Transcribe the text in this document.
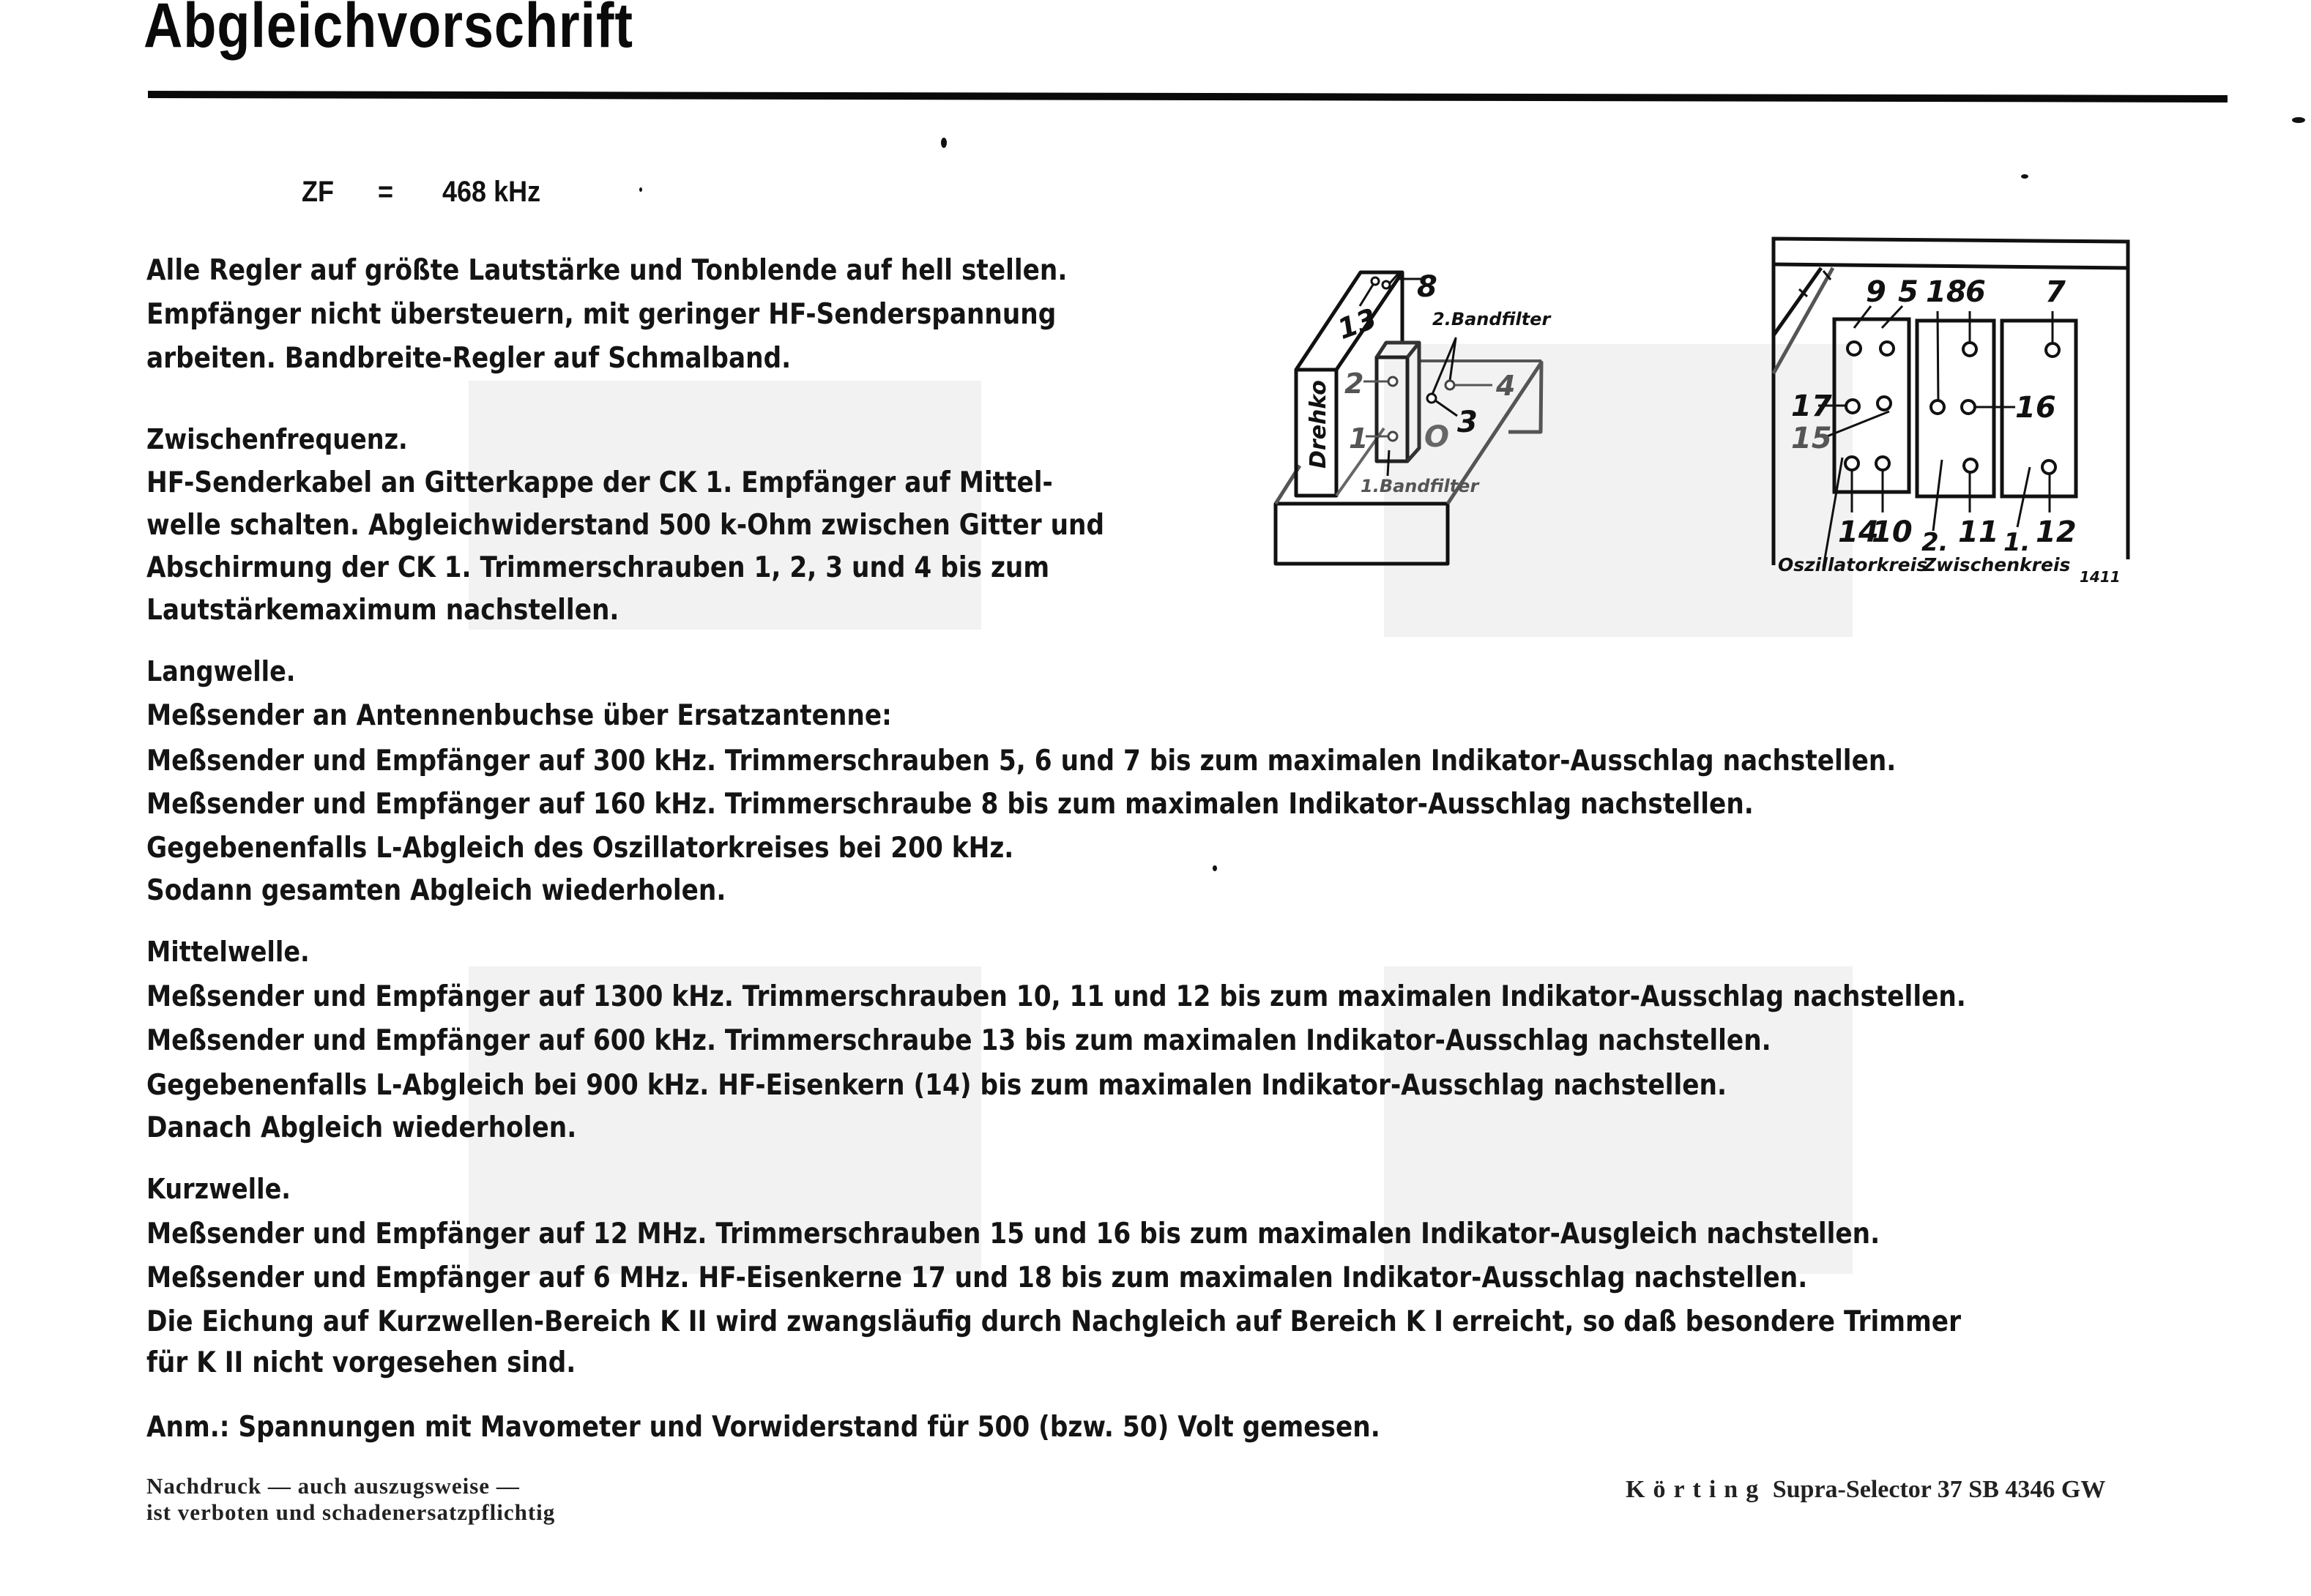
Abgleichvorschrift
ZF = 468 kHz
Alle Regler auf größte Lautstärke und Tonblende auf hell stellen.
Empfänger nicht übersteuern, mit geringer HF-Senderspannung
arbeiten. Bandbreite-Regler auf Schmalband.
Zwischenfrequenz.
HF-Senderkabel an Gitterkappe der CK 1. Empfänger auf Mittel-
welle schalten. Abgleichwiderstand 500 k-Ohm zwischen Gitter und
Abschirmung der CK 1. Trimmerschrauben 1, 2, 3 und 4 bis zum
Lautstärkemaximum nachstellen.
Langwelle.
Meßsender an Antennenbuchse über Ersatzantenne:
Meßsender und Empfänger auf 300 kHz. Trimmerschrauben 5, 6 und 7 bis zum maximalen Indikator-Ausschlag nachstellen.
Meßsender und Empfänger auf 160 kHz. Trimmerschraube 8 bis zum maximalen Indikator-Ausschlag nachstellen.
Gegebenenfalls L-Abgleich des Oszillatorkreises bei 200 kHz.
Sodann gesamten Abgleich wiederholen.
Mittelwelle.
Meßsender und Empfänger auf 1300 kHz. Trimmerschrauben 10, 11 und 12 bis zum maximalen Indikator-Ausschlag nachstellen.
Meßsender und Empfänger auf 600 kHz. Trimmerschraube 13 bis zum maximalen Indikator-Ausschlag nachstellen.
Gegebenenfalls L-Abgleich bei 900 kHz. HF-Eisenkern (14) bis zum maximalen Indikator-Ausschlag nachstellen.
Danach Abgleich wiederholen.
Kurzwelle.
Meßsender und Empfänger auf 12 MHz. Trimmerschrauben 15 und 16 bis zum maximalen Indikator-Ausgleich nachstellen.
Meßsender und Empfänger auf 6 MHz. HF-Eisenkerne 17 und 18 bis zum maximalen Indikator-Ausschlag nachstellen.
Die Eichung auf Kurzwellen-Bereich K II wird zwangsläufig durch Nachgleich auf Bereich K I erreicht, so daß besondere Trimmer
für K II nicht vorgesehen sind.
Anm.: Spannungen mit Mavometer und Vorwiderstand für 500 (bzw. 50) Volt gemesen.
Nachdruck — auch auszugsweise —
ist verboten und schadenersatzpflichtig
Körting Supra-Selector 37 SB 4346 GW
Drehko
13
8
2
1 O 3
4
2.Bandfilter
1.Bandfilter
9 5 18
6 7
17
15
16
14
10 2. 11 1. 12
Oszillatorkreis
Zwischenkreis
1411
